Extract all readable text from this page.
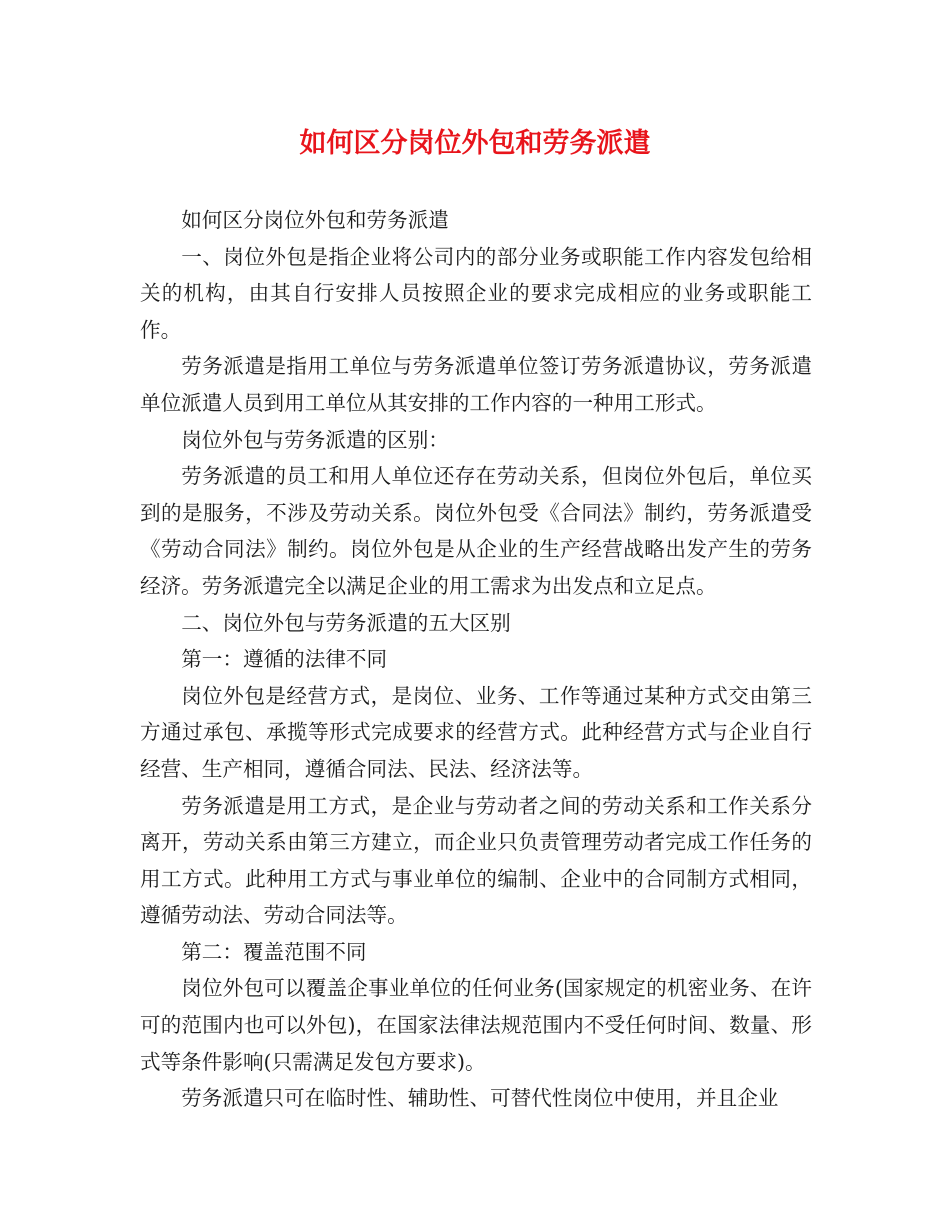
如何区分岗位外包和劳务派遣

如何区分岗位外包和劳务派遣

一、岗位外包是指企业将公司内的部分业务或职能工作内容发包给相关的机构，由其自行安排人员按照企业的要求完成相应的业务或职能工作。

劳务派遣是指用工单位与劳务派遣单位签订劳务派遣协议，劳务派遣单位派遣人员到用工单位从其安排的工作内容的一种用工形式。

岗位外包与劳务派遣的区别：

劳务派遣的员工和用人单位还存在劳动关系，但岗位外包后，单位买到的是服务，不涉及劳动关系。岗位外包受《合同法》制约，劳务派遣受《劳动合同法》制约。岗位外包是从企业的生产经营战略出发产生的劳务经济。劳务派遣完全以满足企业的用工需求为出发点和立足点。

二、岗位外包与劳务派遣的五大区别

第一：遵循的法律不同

岗位外包是经营方式，是岗位、业务、工作等通过某种方式交由第三方通过承包、承揽等形式完成要求的经营方式。此种经营方式与企业自行经营、生产相同，遵循合同法、民法、经济法等。

劳务派遣是用工方式，是企业与劳动者之间的劳动关系和工作关系分离开，劳动关系由第三方建立，而企业只负责管理劳动者完成工作任务的用工方式。此种用工方式与事业单位的编制、企业中的合同制方式相同，遵循劳动法、劳动合同法等。

第二：覆盖范围不同

岗位外包可以覆盖企事业单位的任何业务(国家规定的机密业务、在许可的范围内也可以外包)，在国家法律法规范围内不受任何时间、数量、形式等条件影响(只需满足发包方要求)。

劳务派遣只可在临时性、辅助性、可替代性岗位中使用，并且企业
